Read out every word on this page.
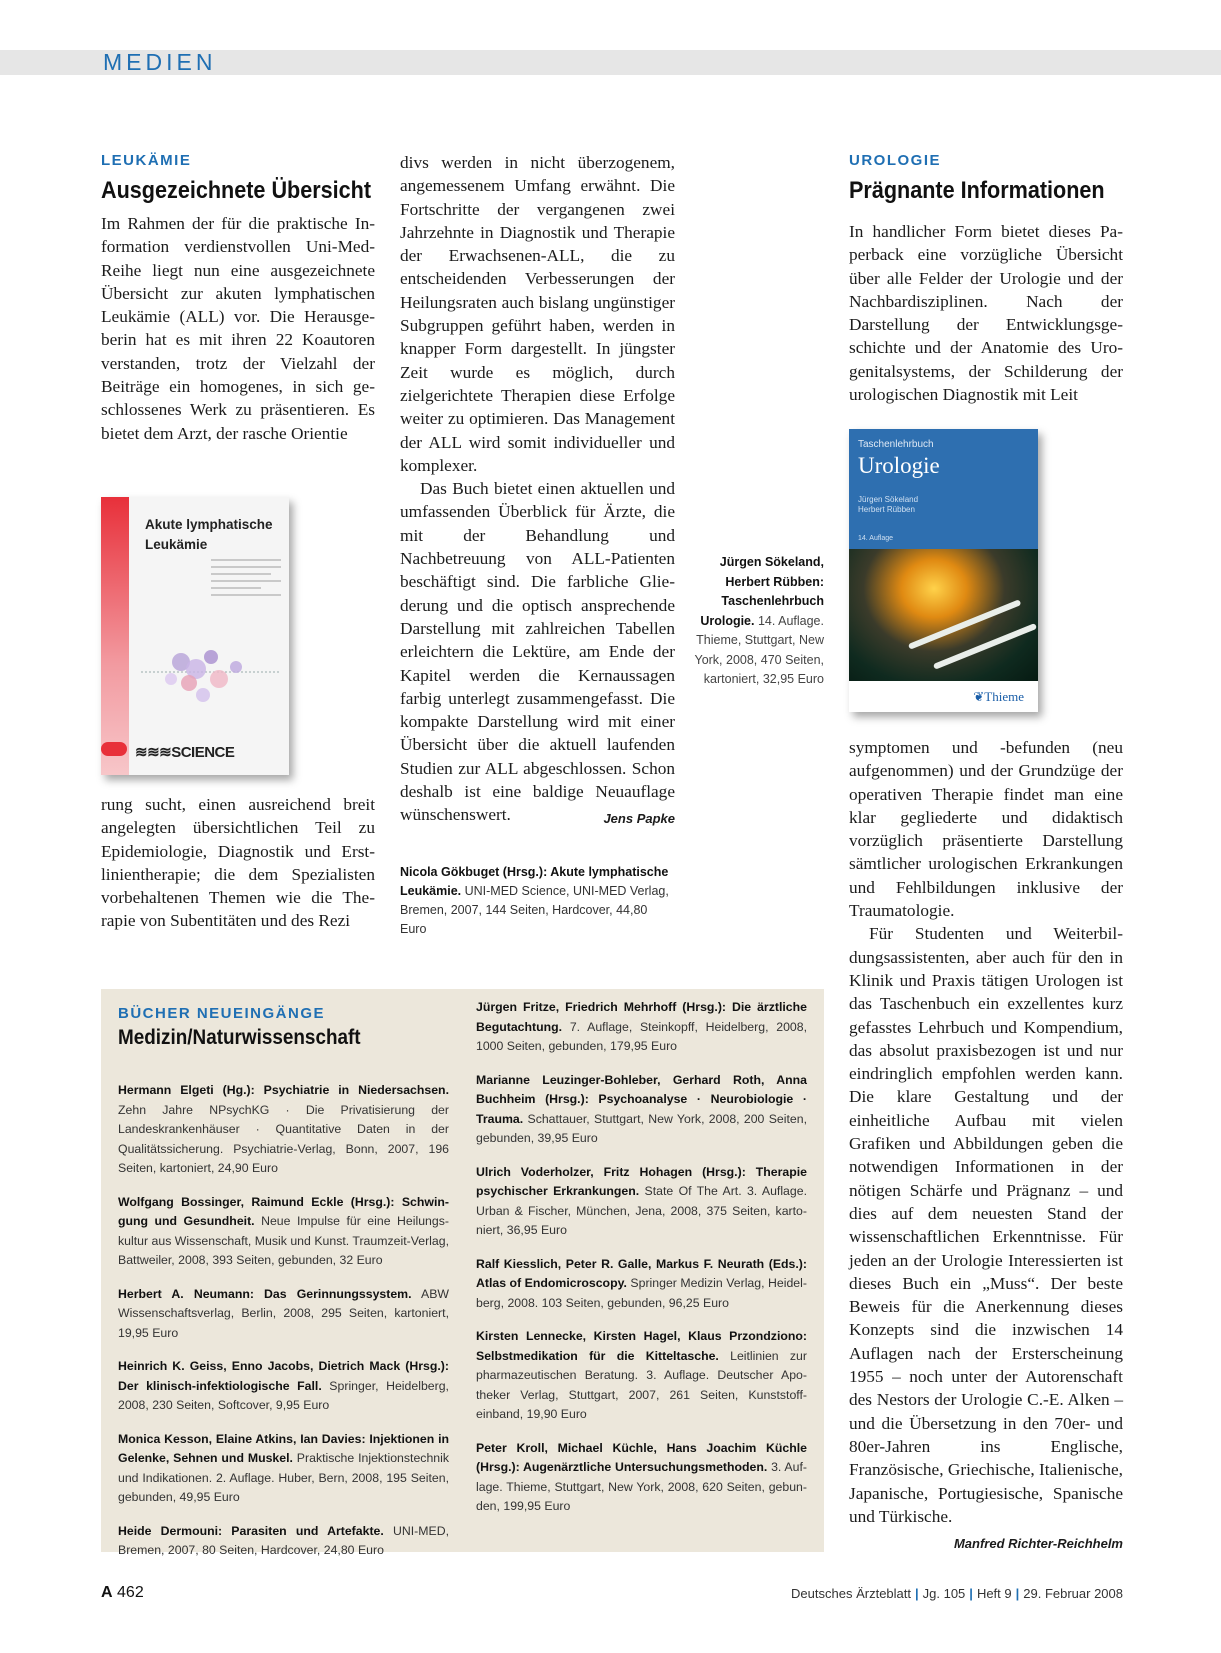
MEDIEN
LEUKÄMIE
Ausgezeichnete Übersicht
Im Rahmen der für die praktische Information verdienstvollen Uni-Med-Reihe liegt nun eine ausgezeichnete Übersicht zur akuten lymphatischen Leukämie (ALL) vor. Die Herausgeberin hat es mit ihren 22 Koautoren verstanden, trotz der Vielzahl der Beiträge ein homogenes, in sich geschlossenes Werk zu präsentieren. Es bietet dem Arzt, der rasche Orientie
Akute lymphatische Leukämie
≋≋≋SCIENCE
rung sucht, einen ausreichend breit angelegten übersichtlichen Teil zu Epidemiologie, Diagnostik und Erstlinientherapie; die dem Spezialisten vorbehaltenen Themen wie die Therapie von Subentitäten und des Rezi
divs werden in nicht überzogenem, angemessenem Umfang erwähnt. Die Fortschritte der vergangenen zwei Jahrzehnte in Diagnostik und Therapie der Erwachsenen-ALL, die zu entscheidenden Verbesserungen der Heilungsraten auch bislang ungünstiger Subgruppen geführt haben, werden in knapper Form dargestellt. In jüngster Zeit wurde es möglich, durch zielgerichtete Therapien diese Erfolge weiter zu optimieren. Das Management der ALL wird somit individueller und komplexer.
Das Buch bietet einen aktuellen und umfassenden Überblick für Ärzte, die mit der Behandlung und Nachbetreuung von ALL-Patienten beschäftigt sind. Die farbliche Gliederung und die optisch ansprechende Darstellung mit zahlreichen Tabellen erleichtern die Lektüre, am Ende der Kapitel werden die Kernaussagen farbig unterlegt zusammengefasst. Die kompakte Darstellung wird mit einer Übersicht über die aktuell laufenden Studien zur ALL abgeschlossen. Schon deshalb ist eine baldige Neuauflage wünschenswert.	Jens Papke
Nicola Gökbuget (Hrsg.): Akute lymphatische Leukämie. UNI-MED Science, UNI-MED Verlag, Bremen, 2007, 144 Seiten, Hardcover, 44,80 Euro
UROLOGIE
Prägnante Informationen
In handlicher Form bietet dieses Paperback eine vorzügliche Übersicht über alle Felder der Urologie und der Nachbardisziplinen. Nach der Darstellung der Entwicklungsgeschichte und der Anatomie des Urogenitalsystems, der Schilderung der urologischen Diagnostik mit Leit
Jürgen Sökeland, Herbert Rübben: Taschenlehrbuch Urologie. 14. Auflage. Thieme, Stuttgart, New York, 2008, 470 Seiten, kartoniert, 32,95 Euro
Taschenlehrbuch
Urologie
Jürgen Sökeland
Herbert Rübben
14. Auflage
❦Thieme
symptomen und -befunden (neu aufgenommen) und der Grundzüge der operativen Therapie findet man eine klar gegliederte und didaktisch vorzüglich präsentierte Darstellung sämtlicher urologischen Erkrankungen und Fehlbildungen inklusive der Traumatologie.
Für Studenten und Weiterbildungsassistenten, aber auch für den in Klinik und Praxis tätigen Urologen ist das Taschenbuch ein exzellentes kurz gefasstes Lehrbuch und Kompendium, das absolut praxisbezogen ist und nur eindringlich empfohlen werden kann. Die klare Gestaltung und der einheitliche Aufbau mit vielen Grafiken und Abbildungen geben die notwendigen Informationen in der nötigen Schärfe und Prägnanz – und dies auf dem neuesten Stand der wissenschaftlichen Erkenntnisse. Für jeden an der Urologie Interessierten ist dieses Buch ein „Muss“. Der beste Beweis für die Anerkennung dieses Konzepts sind die inzwischen 14 Auflagen nach der Ersterscheinung 1955 – noch unter der Autorenschaft des Nestors der Urologie C.-E. Alken – und die Übersetzung in den 70er- und 80er-Jahren ins Englische, Französische, Griechische, Italienische, Japanische, Portugiesische, Spanische und Türkische.
Manfred Richter-Reichhelm
BÜCHER NEUEINGÄNGE
Medizin/Naturwissenschaft
Hermann Elgeti (Hg.): Psychiatrie in Niedersachsen. Zehn Jahre NPsychKG · Die Privatisierung der Landeskrankenhäuser · Quantitative Daten in der Qualitätssicherung. Psychiatrie-Verlag, Bonn, 2007, 196 Seiten, kartoniert, 24,90 Euro
Wolfgang Bossinger, Raimund Eckle (Hrsg.): Schwingung und Gesundheit. Neue Impulse für eine Heilungskultur aus Wissenschaft, Musik und Kunst. Traumzeit-Verlag, Battweiler, 2008, 393 Seiten, gebunden, 32 Euro
Herbert A. Neumann: Das Gerinnungssystem. ABW Wissenschaftsverlag, Berlin, 2008, 295 Seiten, kartoniert, 19,95 Euro
Heinrich K. Geiss, Enno Jacobs, Dietrich Mack (Hrsg.): Der klinisch-infektiologische Fall. Springer, Heidelberg, 2008, 230 Seiten, Softcover, 9,95 Euro
Monica Kesson, Elaine Atkins, Ian Davies: Injektionen in Gelenke, Sehnen und Muskel. Praktische Injektionstechnik und Indikationen. 2. Auflage. Huber, Bern, 2008, 195 Seiten, gebunden, 49,95 Euro
Heide Dermouni: Parasiten und Artefakte. UNI-MED, Bremen, 2007, 80 Seiten, Hardcover, 24,80 Euro
Jürgen Fritze, Friedrich Mehrhoff (Hrsg.): Die ärztliche Begutachtung. 7. Auflage, Steinkopff, Heidelberg, 2008, 1000 Seiten, gebunden, 179,95 Euro
Marianne Leuzinger-Bohleber, Gerhard Roth, Anna Buchheim (Hrsg.): Psychoanalyse · Neurobiologie · Trauma. Schattauer, Stuttgart, New York, 2008, 200 Seiten, gebunden, 39,95 Euro
Ulrich Voderholzer, Fritz Hohagen (Hrsg.): Therapie psychischer Erkrankungen. State Of The Art. 3. Auflage. Urban & Fischer, München, Jena, 2008, 375 Seiten, kartoniert, 36,95 Euro
Ralf Kiesslich, Peter R. Galle, Markus F. Neurath (Eds.): Atlas of Endomicroscopy. Springer Medizin Verlag, Heidelberg, 2008. 103 Seiten, gebunden, 96,25 Euro
Kirsten Lennecke, Kirsten Hagel, Klaus Przondziono: Selbstmedikation für die Kitteltasche. Leitlinien zur pharmazeutischen Beratung. 3. Auflage. Deutscher Apotheker Verlag, Stuttgart, 2007, 261 Seiten, Kunststoffeinband, 19,90 Euro
Peter Kroll, Michael Küchle, Hans Joachim Küchle (Hrsg.): Augenärztliche Untersuchungsmethoden. 3. Auflage. Thieme, Stuttgart, New York, 2008, 620 Seiten, gebunden, 199,95 Euro
A 462	Deutsches Ärzteblatt | Jg. 105 | Heft 9 | 29. Februar 2008
